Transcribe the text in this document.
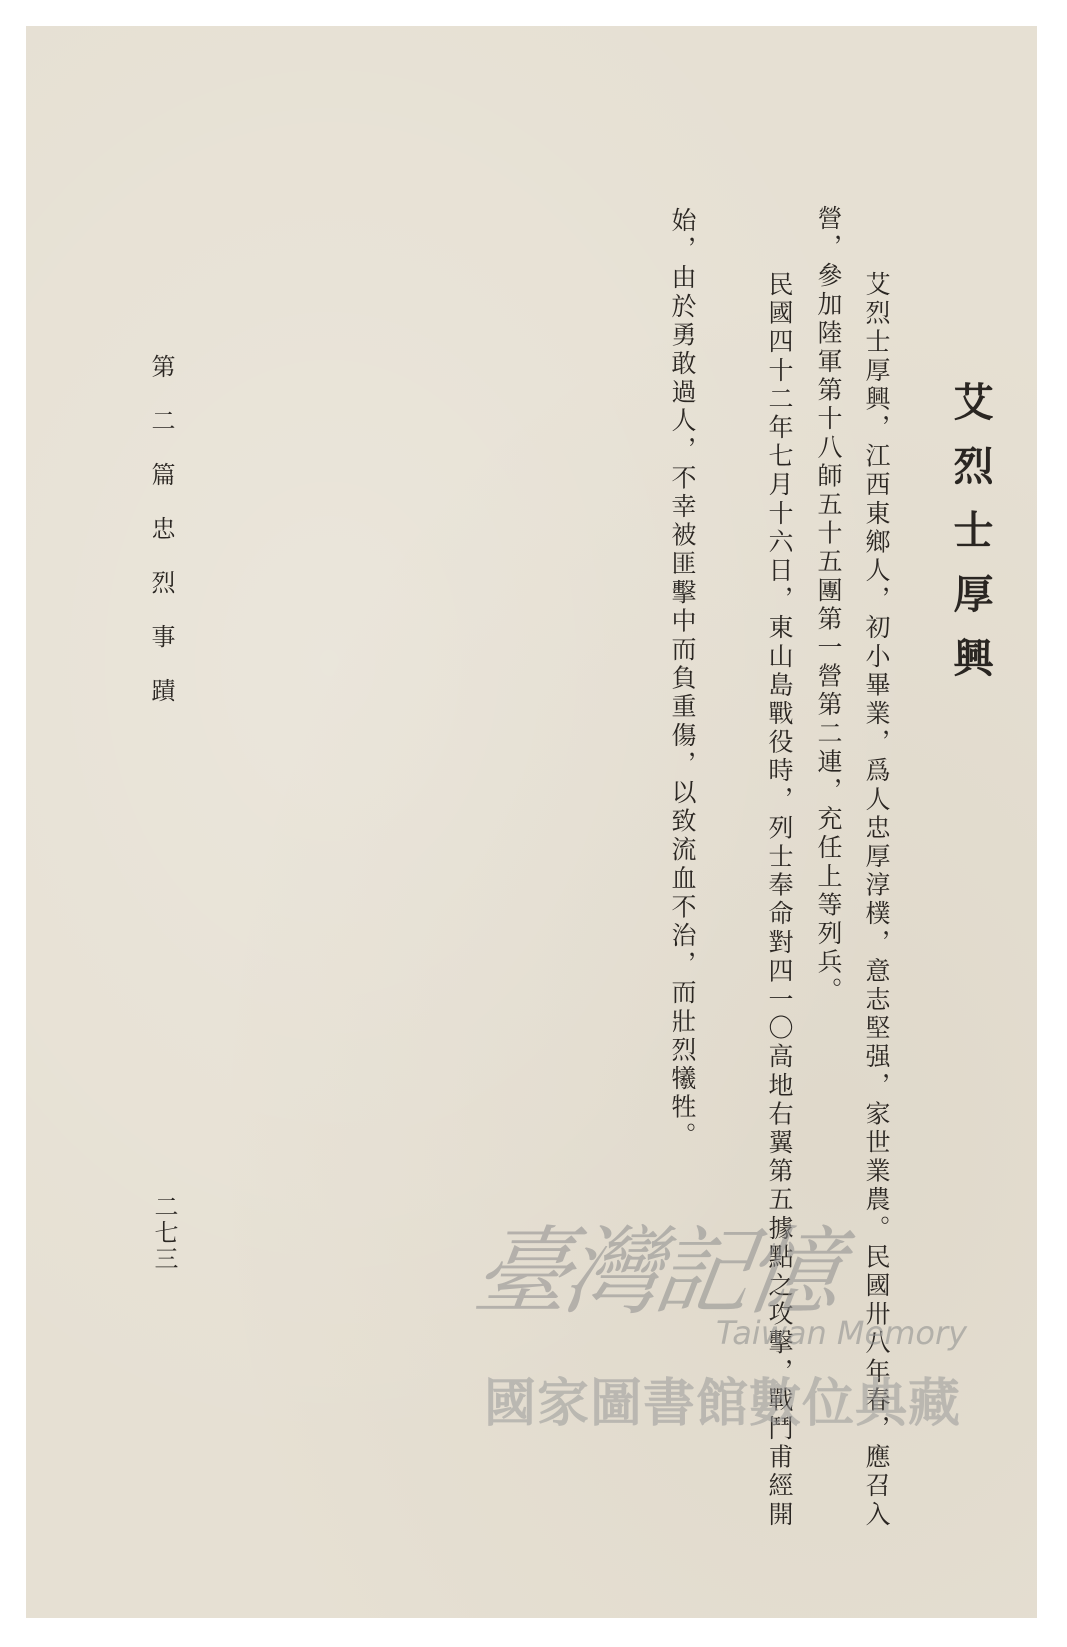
艾烈士厚興
艾烈士厚興，江西東鄉人，初小畢業，爲人忠厚淳樸，意志堅强，家世業農。民國卅八年春，應召入
營，參加陸軍第十八師五十五團第一營第二連，充任上等列兵。
民國四十二年七月十六日，東山島戰役時，列士奉命對四一〇高地右翼第五據點之攻擊，戰鬥甫經開
始，由於勇敢過人，不幸被匪擊中而負重傷，以致流血不治，而壯烈犧牲。
第二篇忠烈事蹟
二七三	臺灣記憶
Taiwan Memory
國家圖書館數位典藏
